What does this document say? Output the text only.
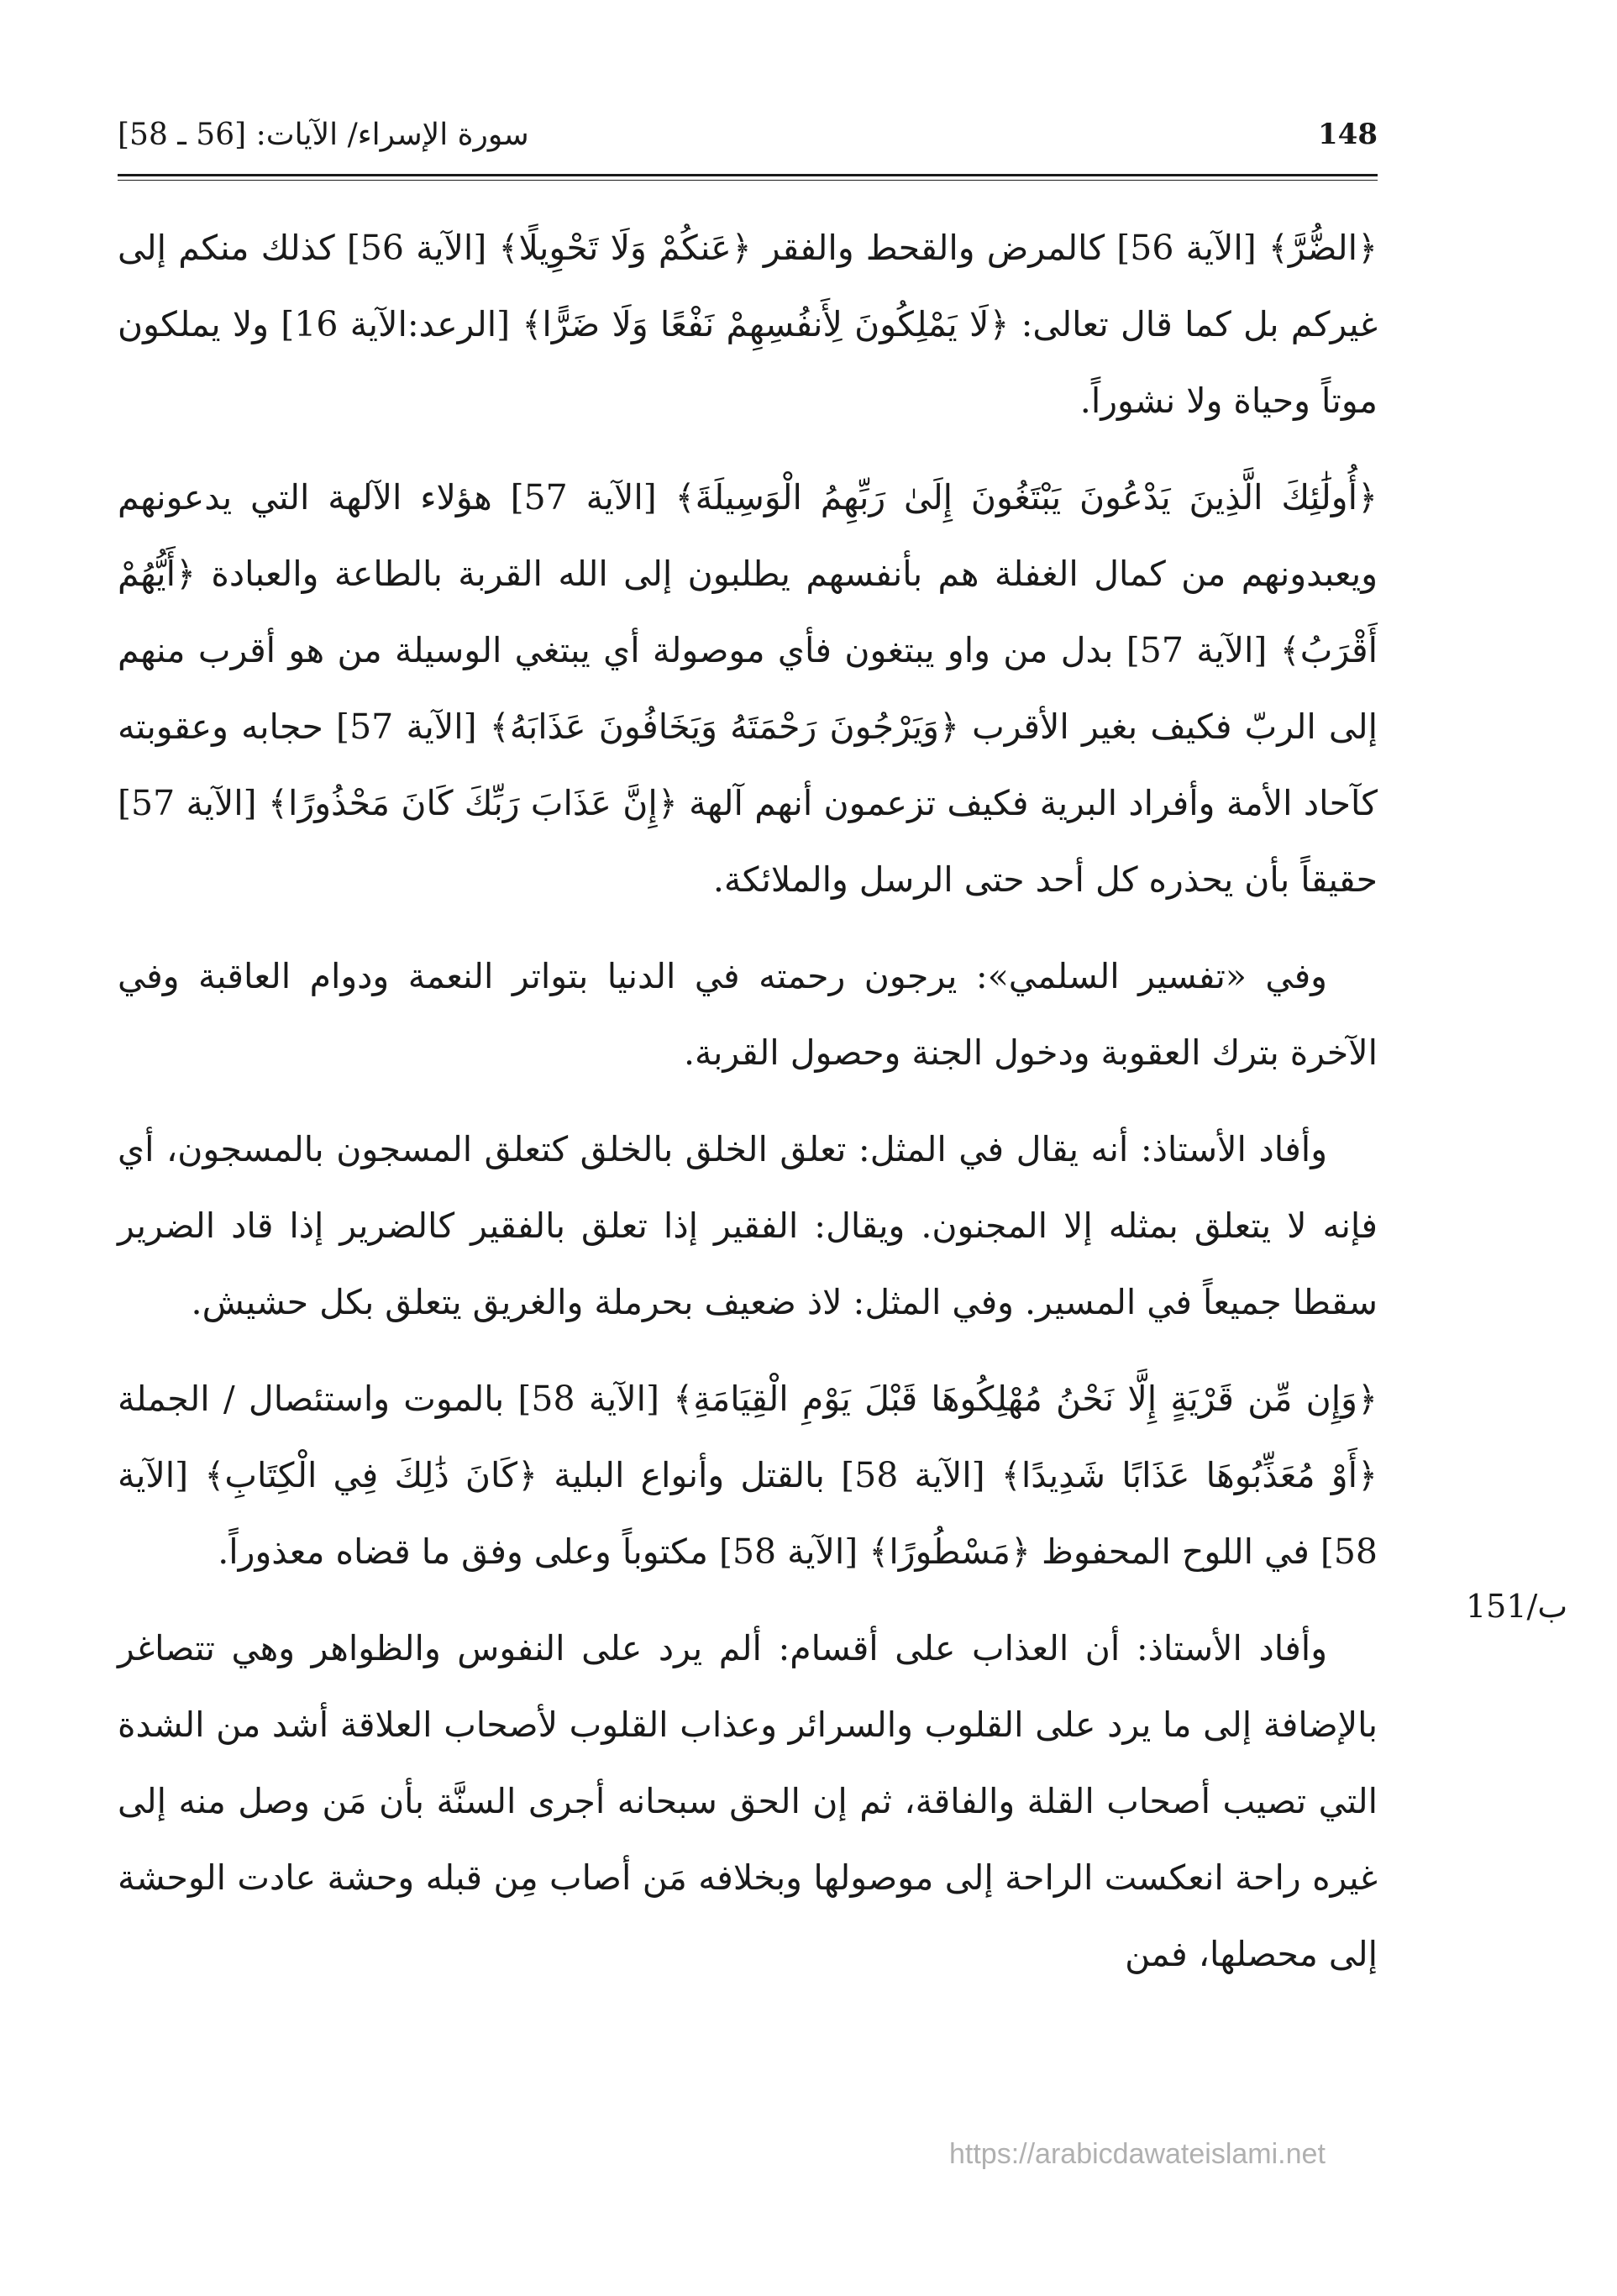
148
سورة الإسراء/ الآيات: [56 ـ 58]

﴿الضُّرَّ﴾ [الآية 56] كالمرض والقحط والفقر ﴿عَنكُمْ وَلَا تَحْوِيلًا﴾ [الآية 56] كذلك منكم إلى غيركم بل كما قال تعالى: ﴿لَا يَمْلِكُونَ لِأَنفُسِهِمْ نَفْعًا وَلَا ضَرًّا﴾ [الرعد:الآية 16] ولا يملكون موتاً وحياة ولا نشوراً.

﴿أُولَٰئِكَ الَّذِينَ يَدْعُونَ يَبْتَغُونَ إِلَىٰ رَبِّهِمُ الْوَسِيلَةَ﴾ [الآية 57] هؤلاء الآلهة التي يدعونهم ويعبدونهم من كمال الغفلة هم بأنفسهم يطلبون إلى الله القربة بالطاعة والعبادة ﴿أَيُّهُمْ أَقْرَبُ﴾ [الآية 57] بدل من واو يبتغون فأي موصولة أي يبتغي الوسيلة من هو أقرب منهم إلى الربّ فكيف بغير الأقرب ﴿وَيَرْجُونَ رَحْمَتَهُ وَيَخَافُونَ عَذَابَهُ﴾ [الآية 57] حجابه وعقوبته كآحاد الأمة وأفراد البرية فكيف تزعمون أنهم آلهة ﴿إِنَّ عَذَابَ رَبِّكَ كَانَ مَحْذُورًا﴾ [الآية 57] حقيقاً بأن يحذره كل أحد حتى الرسل والملائكة.

وفي «تفسير السلمي»: يرجون رحمته في الدنيا بتواتر النعمة ودوام العاقبة وفي الآخرة بترك العقوبة ودخول الجنة وحصول القربة.

وأفاد الأستاذ: أنه يقال في المثل: تعلق الخلق بالخلق كتعلق المسجون بالمسجون، أي فإنه لا يتعلق بمثله إلا المجنون. ويقال: الفقير إذا تعلق بالفقير كالضرير إذا قاد الضرير سقطا جميعاً في المسير. وفي المثل: لاذ ضعيف بحرملة والغريق يتعلق بكل حشيش.

﴿وَإِن مِّن قَرْيَةٍ إِلَّا نَحْنُ مُهْلِكُوهَا قَبْلَ يَوْمِ الْقِيَامَةِ﴾ [الآية 58] بالموت واستئصال / الجملة ﴿أَوْ مُعَذِّبُوهَا عَذَابًا شَدِيدًا﴾ [الآية 58] بالقتل وأنواع البلية ﴿كَانَ ذَٰلِكَ فِي الْكِتَابِ﴾ [الآية 58] في اللوح المحفوظ ﴿مَسْطُورًا﴾ [الآية 58] مكتوباً وعلى وفق ما قضاه معذوراً.

وأفاد الأستاذ: أن العذاب على أقسام: ألم يرد على النفوس والظواهر وهي تتصاغر بالإضافة إلى ما يرد على القلوب والسرائر وعذاب القلوب لأصحاب العلاقة أشد من الشدة التي تصيب أصحاب القلة والفاقة، ثم إن الحق سبحانه أجرى السنَّة بأن مَن وصل منه إلى غيره راحة انعكست الراحة إلى موصولها وبخلافه مَن أصاب مِن قبله وحشة عادت الوحشة إلى محصلها، فمن

151/ب
https://arabicdawateislami.net
